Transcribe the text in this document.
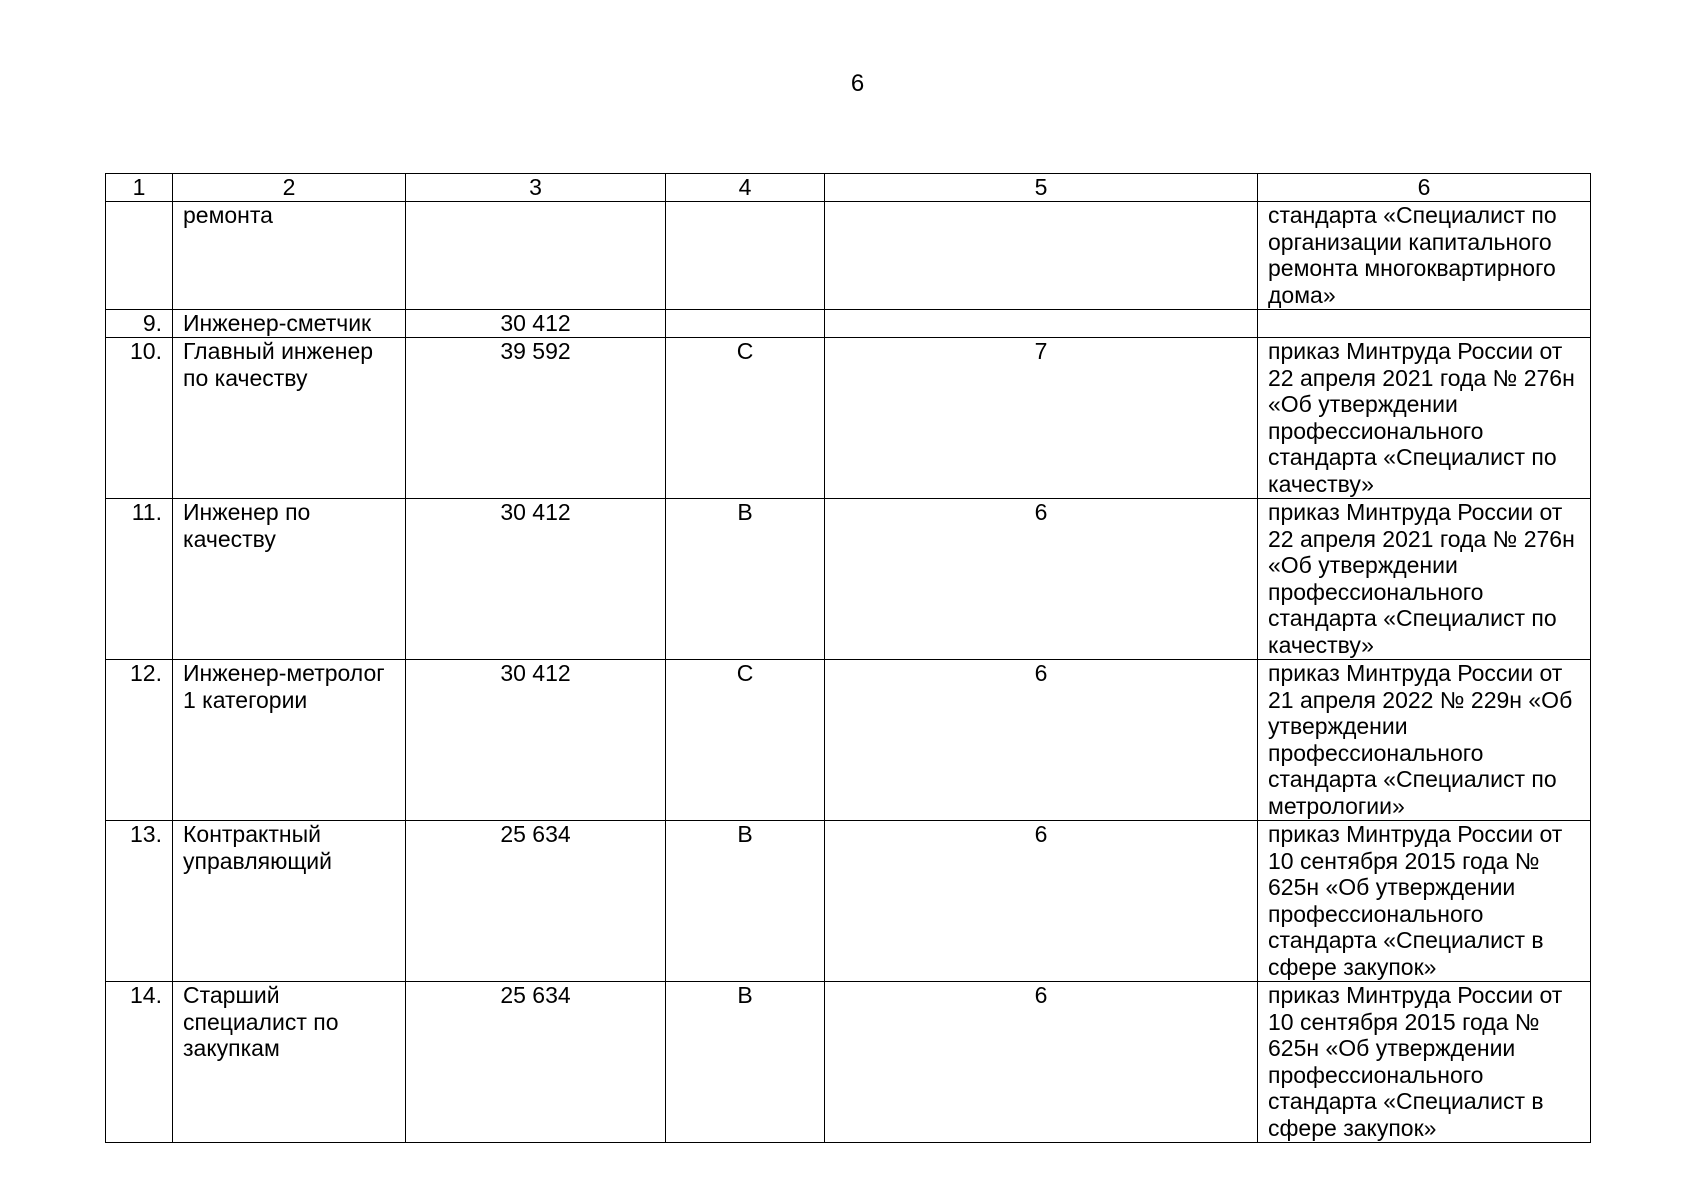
6
1	2	3	4	5	6
	ремонта				стандарта «Специалист по организации капитального ремонта многоквартирного дома»
9.	Инженер-сметчик	30 412			
10.	Главный инженер по качеству	39 592	С	7	приказ Минтруда России от 22 апреля 2021 года № 276н «Об утверждении профессионального стандарта «Специалист по качеству»
11.	Инженер по качеству	30 412	В	6	приказ Минтруда России от 22 апреля 2021 года № 276н «Об утверждении профессионального стандарта «Специалист по качеству»
12.	Инженер-метролог 1 категории	30 412	С	6	приказ Минтруда России от 21 апреля 2022 № 229н «Об утверждении профессионального стандарта «Специалист по метрологии»
13.	Контрактный управляющий	25 634	В	6	приказ Минтруда России от 10 сентября 2015 года № 625н «Об утверждении профессионального стандарта «Специалист в сфере закупок»
14.	Старший специалист по закупкам	25 634	В	6	приказ Минтруда России от 10 сентября 2015 года № 625н «Об утверждении профессионального стандарта «Специалист в сфере закупок»
